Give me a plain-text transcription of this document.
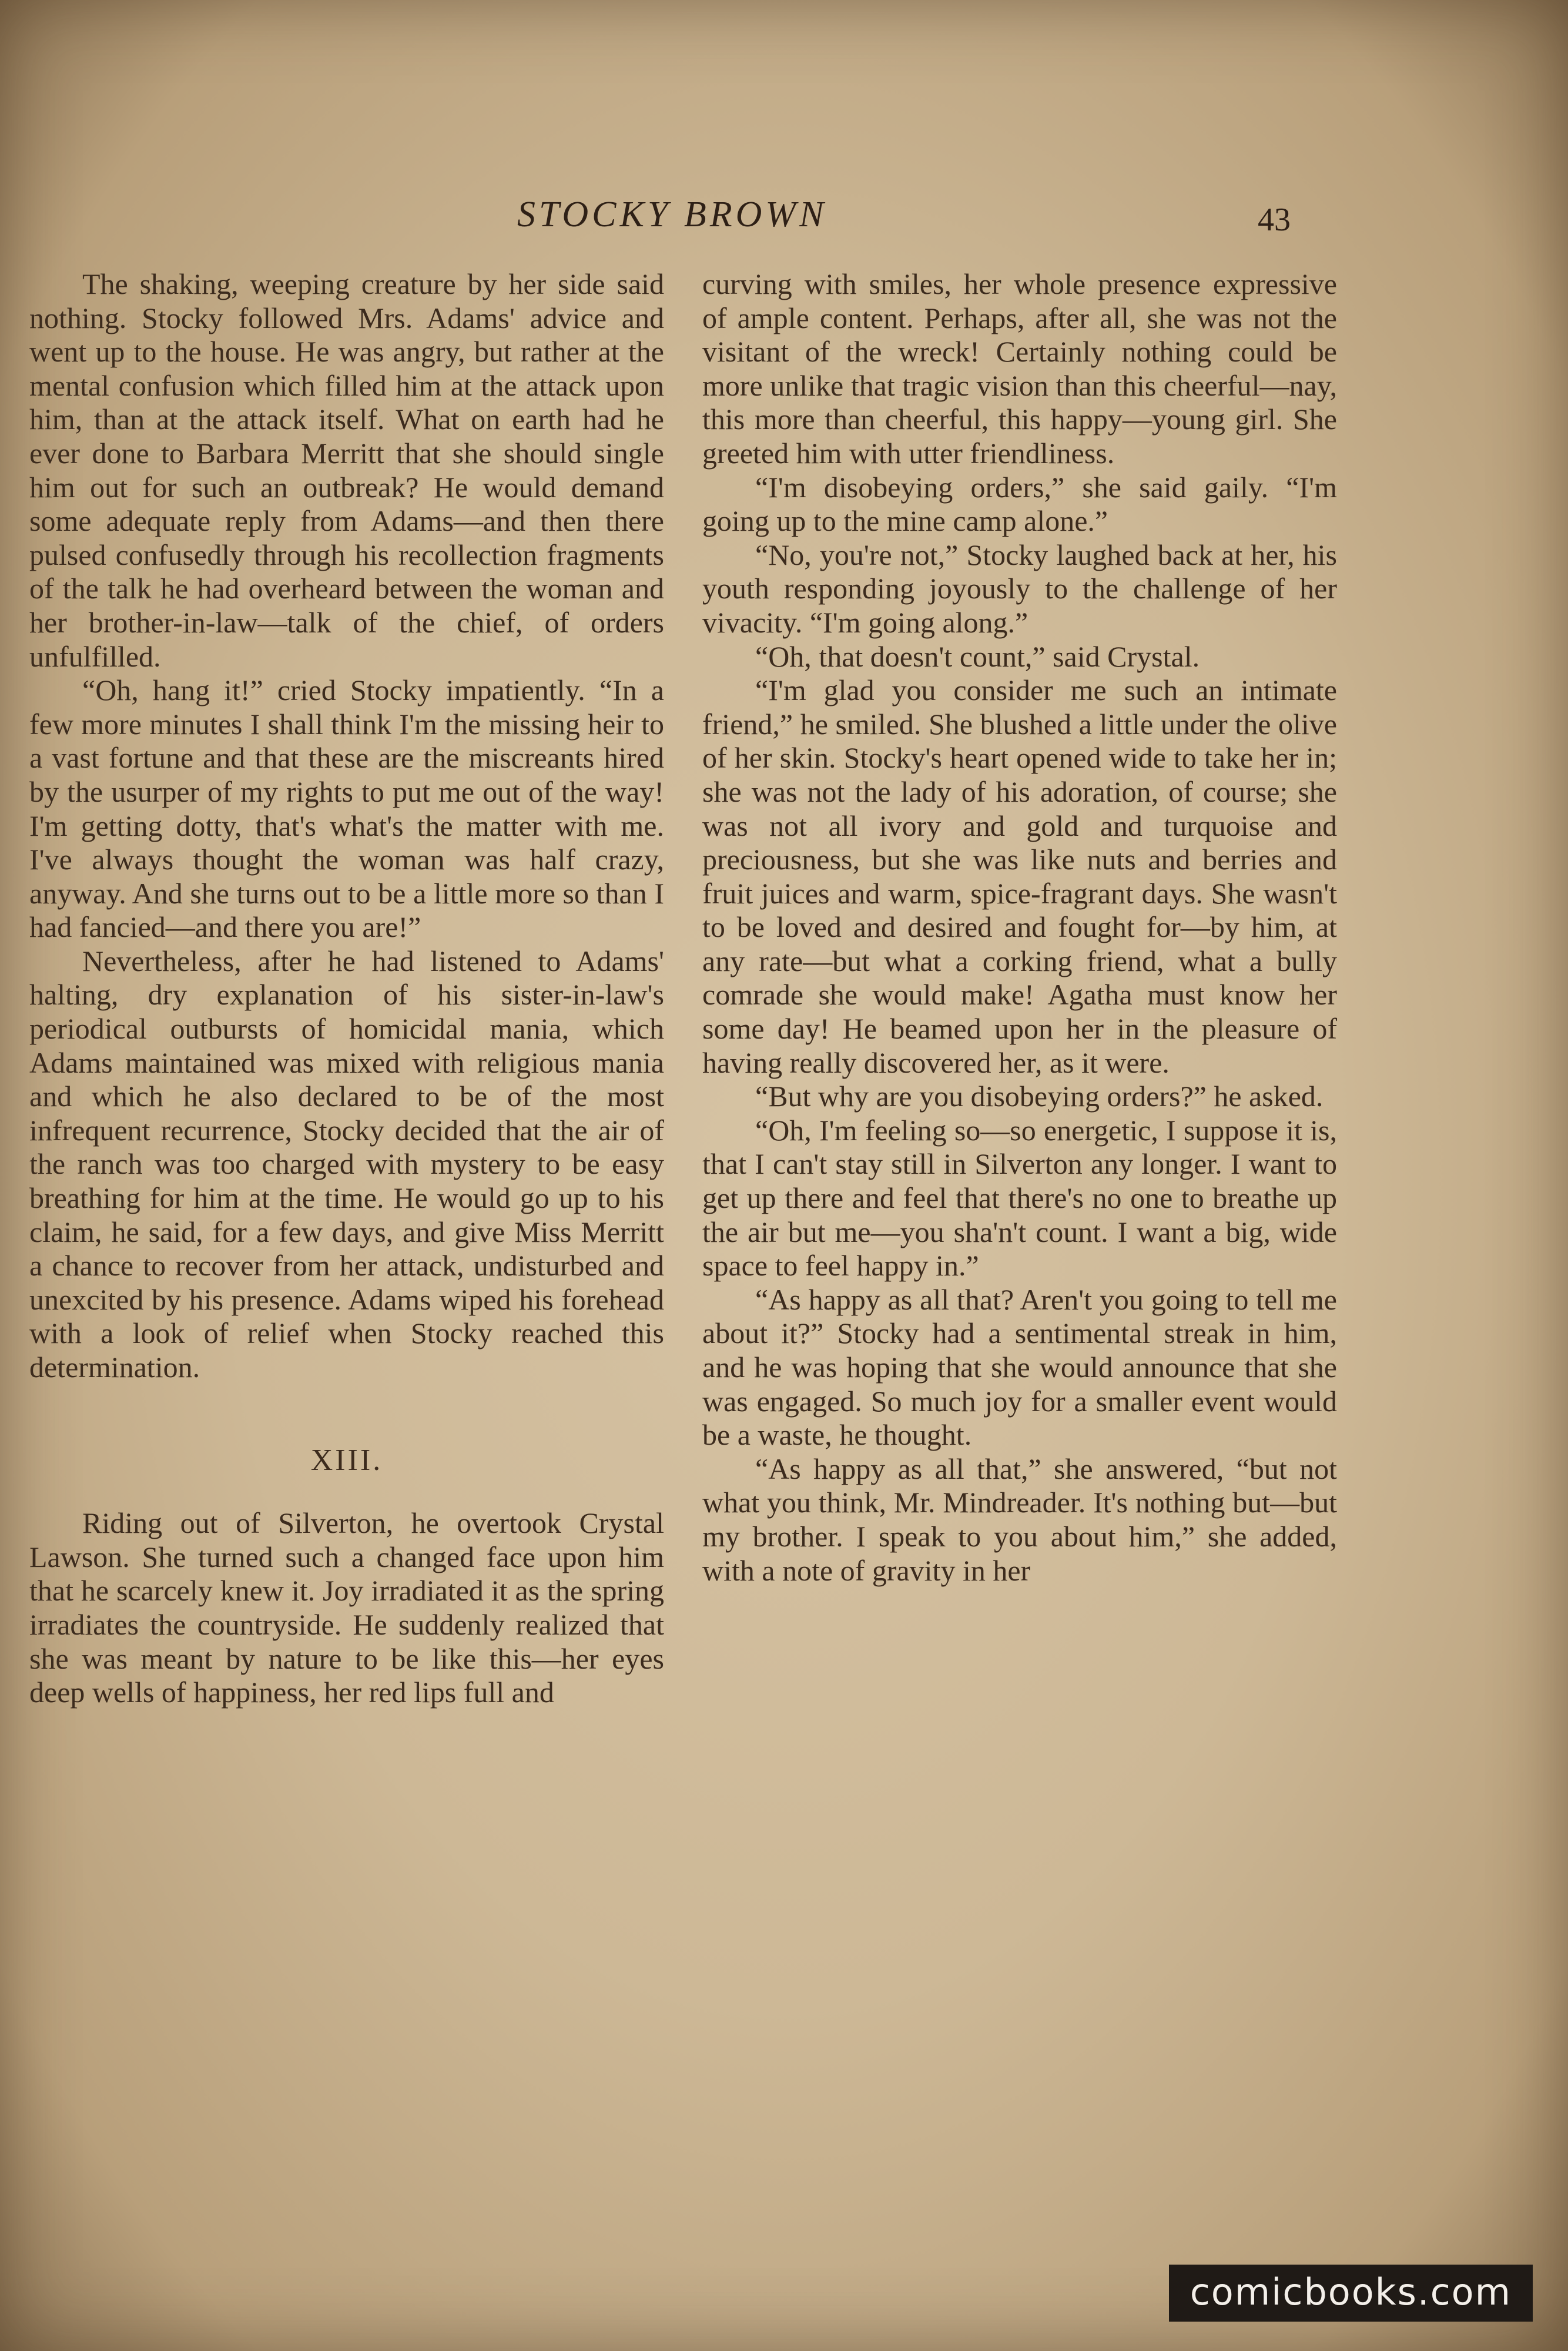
STOCKY BROWN	43

The shaking, weeping creature by her side said nothing. Stocky followed Mrs. Adams' advice and went up to the house. He was angry, but rather at the mental confusion which filled him at the attack upon him, than at the attack itself. What on earth had he ever done to Barbara Merritt that she should single him out for such an outbreak? He would demand some adequate reply from Adams—and then there pulsed confusedly through his recollection fragments of the talk he had overheard between the woman and her brother-in-law—talk of the chief, of orders unfulfilled.

“Oh, hang it!” cried Stocky impatiently. “In a few more minutes I shall think I'm the missing heir to a vast fortune and that these are the miscreants hired by the usurper of my rights to put me out of the way! I'm getting dotty, that's what's the matter with me. I've always thought the woman was half crazy, anyway. And she turns out to be a little more so than I had fancied—and there you are!”

Nevertheless, after he had listened to Adams' halting, dry explanation of his sister-in-law's periodical outbursts of homicidal mania, which Adams maintained was mixed with religious mania and which he also declared to be of the most infrequent recurrence, Stocky decided that the air of the ranch was too charged with mystery to be easy breathing for him at the time. He would go up to his claim, he said, for a few days, and give Miss Merritt a chance to recover from her attack, undisturbed and unexcited by his presence. Adams wiped his forehead with a look of relief when Stocky reached this determination.

XIII.

Riding out of Silverton, he overtook Crystal Lawson. She turned such a changed face upon him that he scarcely knew it. Joy irradiated it as the spring irradiates the countryside. He suddenly realized that she was meant by nature to be like this—her eyes deep wells of happiness, her red lips full and

curving with smiles, her whole presence expressive of ample content. Perhaps, after all, she was not the visitant of the wreck! Certainly nothing could be more unlike that tragic vision than this cheerful—nay, this more than cheerful, this happy—young girl. She greeted him with utter friendliness.

“I'm disobeying orders,” she said gaily. “I'm going up to the mine camp alone.”

“No, you're not,” Stocky laughed back at her, his youth responding joyously to the challenge of her vivacity. “I'm going along.”

“Oh, that doesn't count,” said Crystal.

“I'm glad you consider me such an intimate friend,” he smiled. She blushed a little under the olive of her skin. Stocky's heart opened wide to take her in; she was not the lady of his adoration, of course; she was not all ivory and gold and turquoise and preciousness, but she was like nuts and berries and fruit juices and warm, spice-fragrant days. She wasn't to be loved and desired and fought for—by him, at any rate—but what a corking friend, what a bully comrade she would make! Agatha must know her some day! He beamed upon her in the pleasure of having really discovered her, as it were.

“But why are you disobeying orders?” he asked.

“Oh, I'm feeling so—so energetic, I suppose it is, that I can't stay still in Silverton any longer. I want to get up there and feel that there's no one to breathe up the air but me—you sha'n't count. I want a big, wide space to feel happy in.”

“As happy as all that? Aren't you going to tell me about it?” Stocky had a sentimental streak in him, and he was hoping that she would announce that she was engaged. So much joy for a smaller event would be a waste, he thought.

“As happy as all that,” she answered, “but not what you think, Mr. Mindreader. It's nothing but—but my brother. I speak to you about him,” she added, with a note of gravity in her

comicbooks.com
